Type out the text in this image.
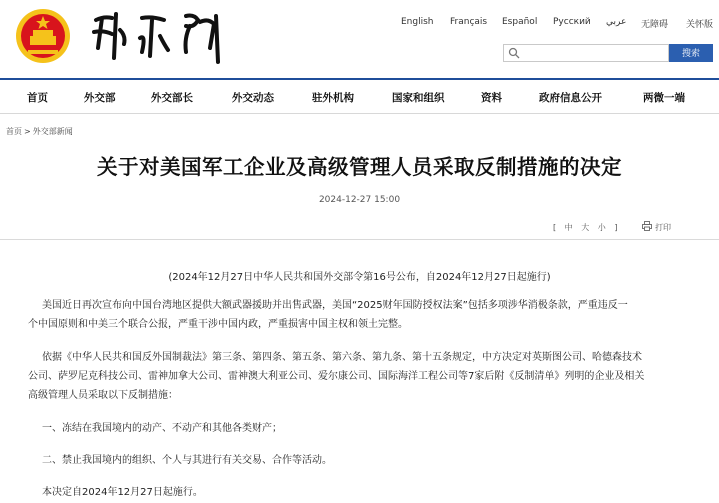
外交部
English Français Español Русский عربي 无障碍 关怀版
搜索
首页	外交部	外交部长	外交动态	驻外机构	国家和组织	资料	政府信息公开	两微一端
首页 > 外交部新闻
关于对美国军工企业及高级管理人员采取反制措施的决定
2024-12-27 15:00
[ 中 大 小 ]	打印
(2024年12月27日中华人民共和国外交部令第16号公布，自2024年12月27日起施行)
美国近日再次宣布向中国台湾地区提供大额武器援助并出售武器，美国“2025财年国防授权法案”包括多项涉华消极条款，严重违反一
个中国原则和中美三个联合公报，严重干涉中国内政，严重损害中国主权和领土完整。
依据《中华人民共和国反外国制裁法》第三条、第四条、第五条、第六条、第九条、第十五条规定，中方决定对英斯图公司、哈德森技术
公司、萨罗尼克科技公司、雷神加拿大公司、雷神澳大利亚公司、爱尔康公司、国际海洋工程公司等7家后附《反制清单》列明的企业及相关
高级管理人员采取以下反制措施：
一、冻结在我国境内的动产、不动产和其他各类财产；
二、禁止我国境内的组织、个人与其进行有关交易、合作等活动。
本决定自2024年12月27日起施行。
